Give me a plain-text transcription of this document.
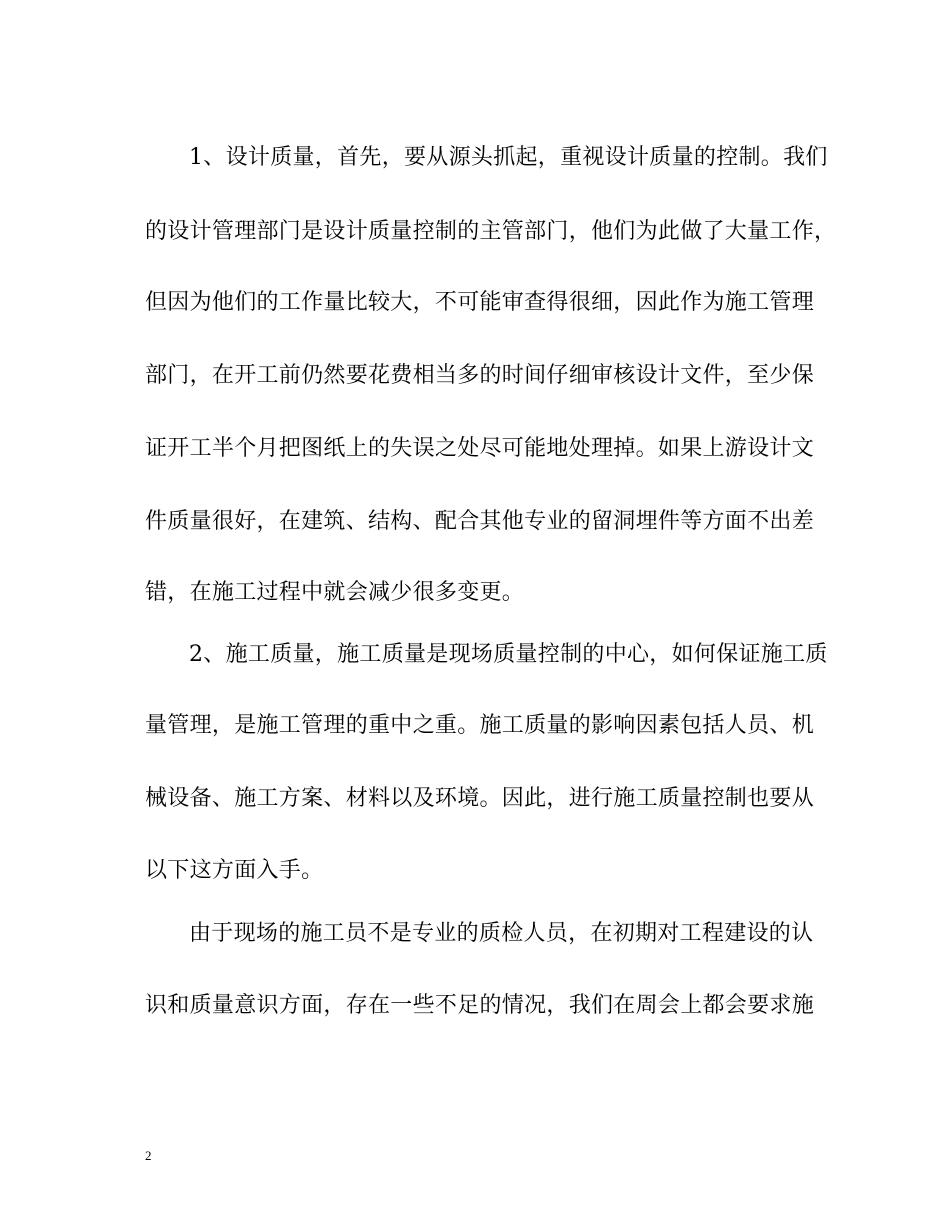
1、设计质量，首先，要从源头抓起，重视设计质量的控制。我们
的设计管理部门是设计质量控制的主管部门，他们为此做了大量工作，
但因为他们的工作量比较大，不可能审查得很细，因此作为施工管理
部门，在开工前仍然要花费相当多的时间仔细审核设计文件，至少保
证开工半个月把图纸上的失误之处尽可能地处理掉。如果上游设计文
件质量很好，在建筑、结构、配合其他专业的留洞埋件等方面不出差
错，在施工过程中就会减少很多变更。
2、施工质量，施工质量是现场质量控制的中心，如何保证施工质
量管理，是施工管理的重中之重。施工质量的影响因素包括人员、机
械设备、施工方案、材料以及环境。因此，进行施工质量控制也要从
以下这方面入手。
由于现场的施工员不是专业的质检人员，在初期对工程建设的认
识和质量意识方面，存在一些不足的情况，我们在周会上都会要求施
2
